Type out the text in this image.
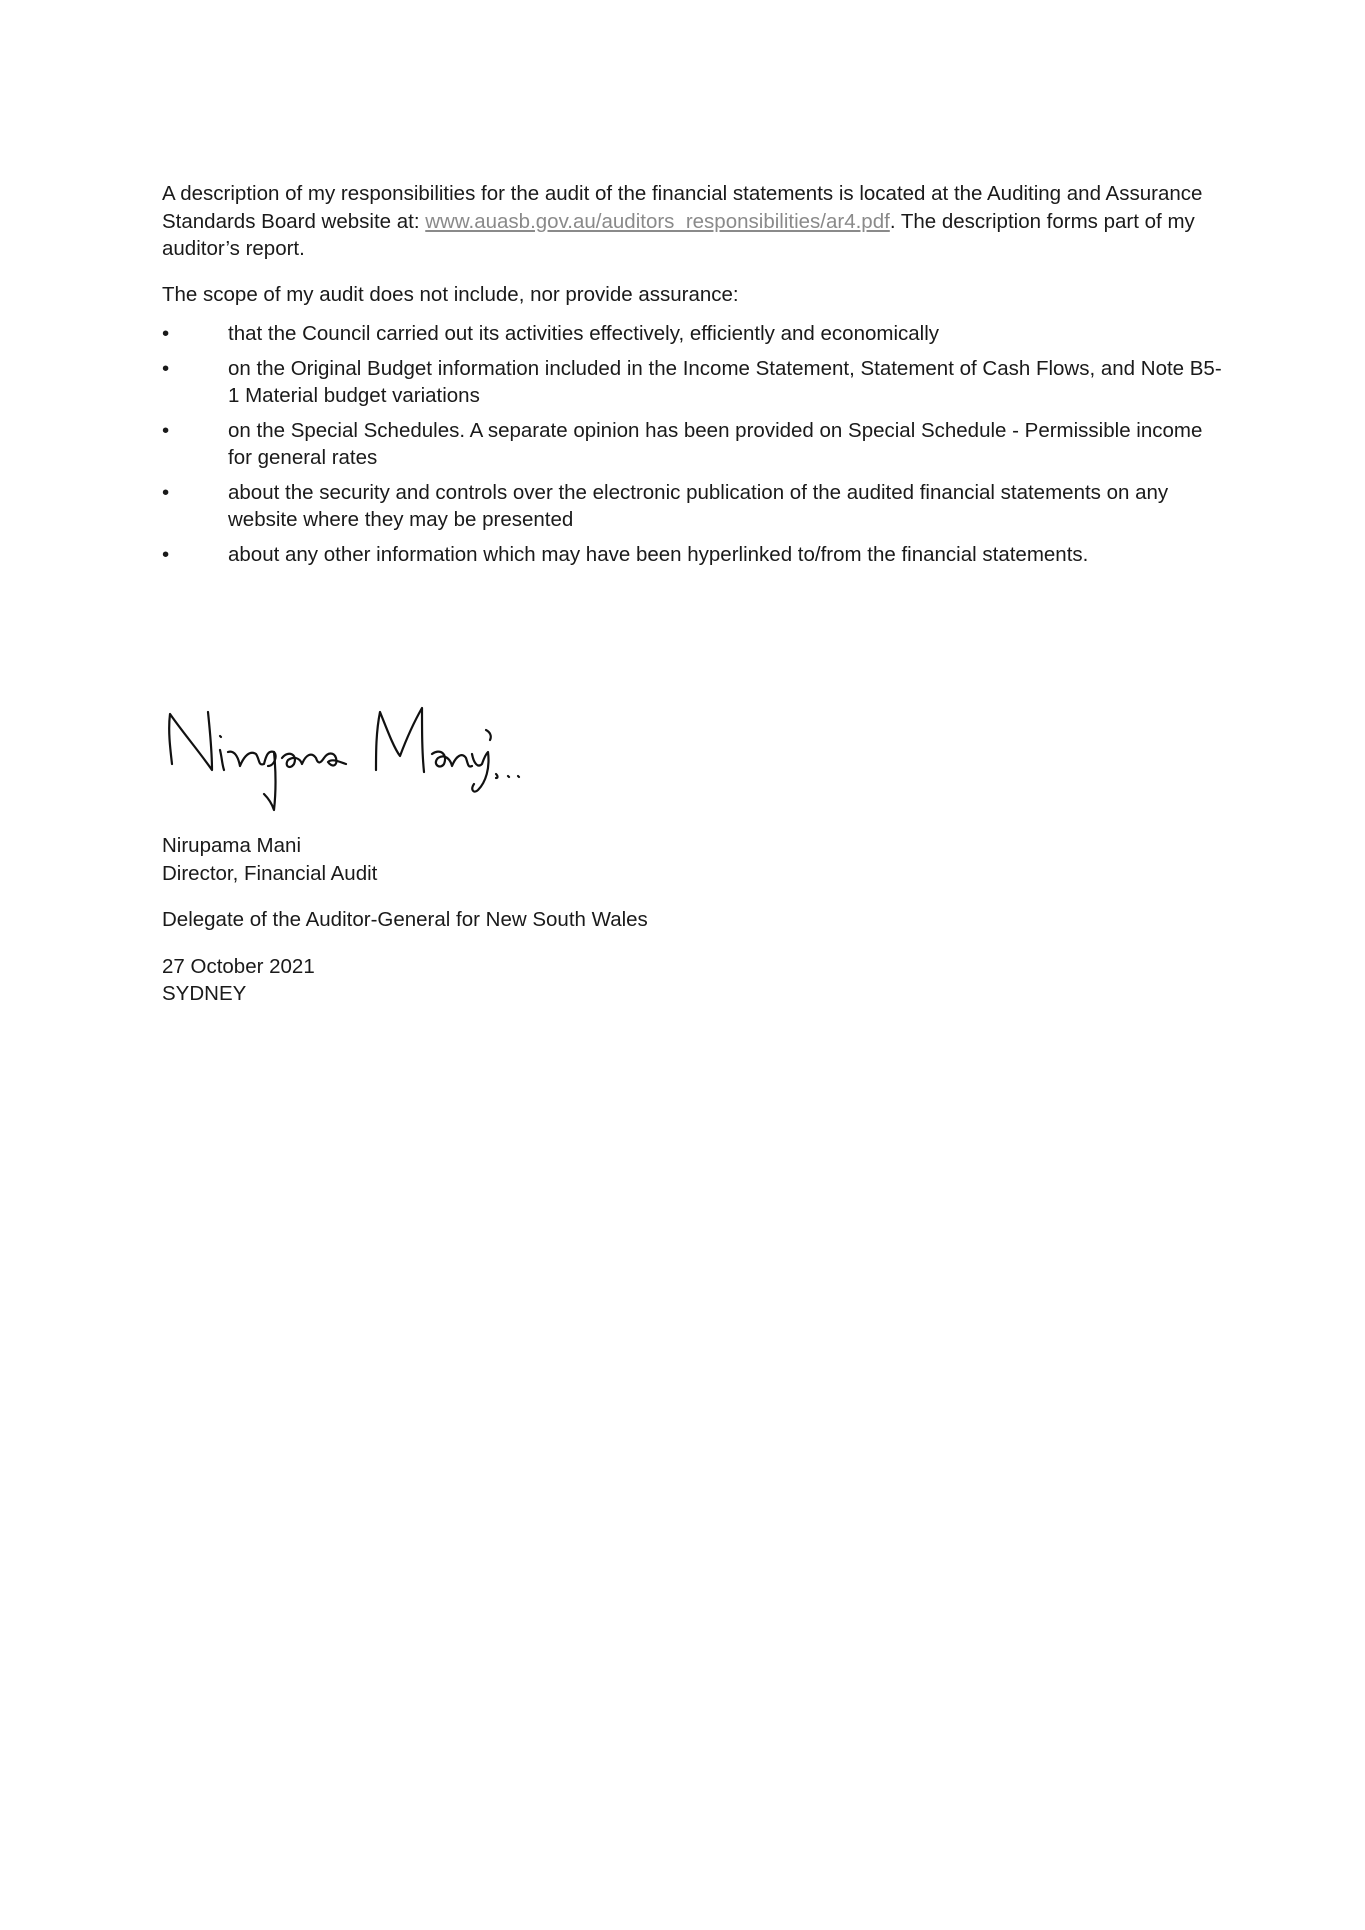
A description of my responsibilities for the audit of the financial statements is located at the Auditing and Assurance Standards Board website at: www.auasb.gov.au/auditors_responsibilities/ar4.pdf. The description forms part of my auditor’s report.

The scope of my audit does not include, nor provide assurance:

•	that the Council carried out its activities effectively, efficiently and economically
•	on the Original Budget information included in the Income Statement, Statement of Cash Flows, and Note B5-1 Material budget variations
•	on the Special Schedules. A separate opinion has been provided on Special Schedule - Permissible income for general rates
•	about the security and controls over the electronic publication of the audited financial statements on any website where they may be presented
•	about any other information which may have been hyperlinked to/from the financial statements.
Nirupama Mani
Director, Financial Audit
Delegate of the Auditor-General for New South Wales
27 October 2021
SYDNEY
